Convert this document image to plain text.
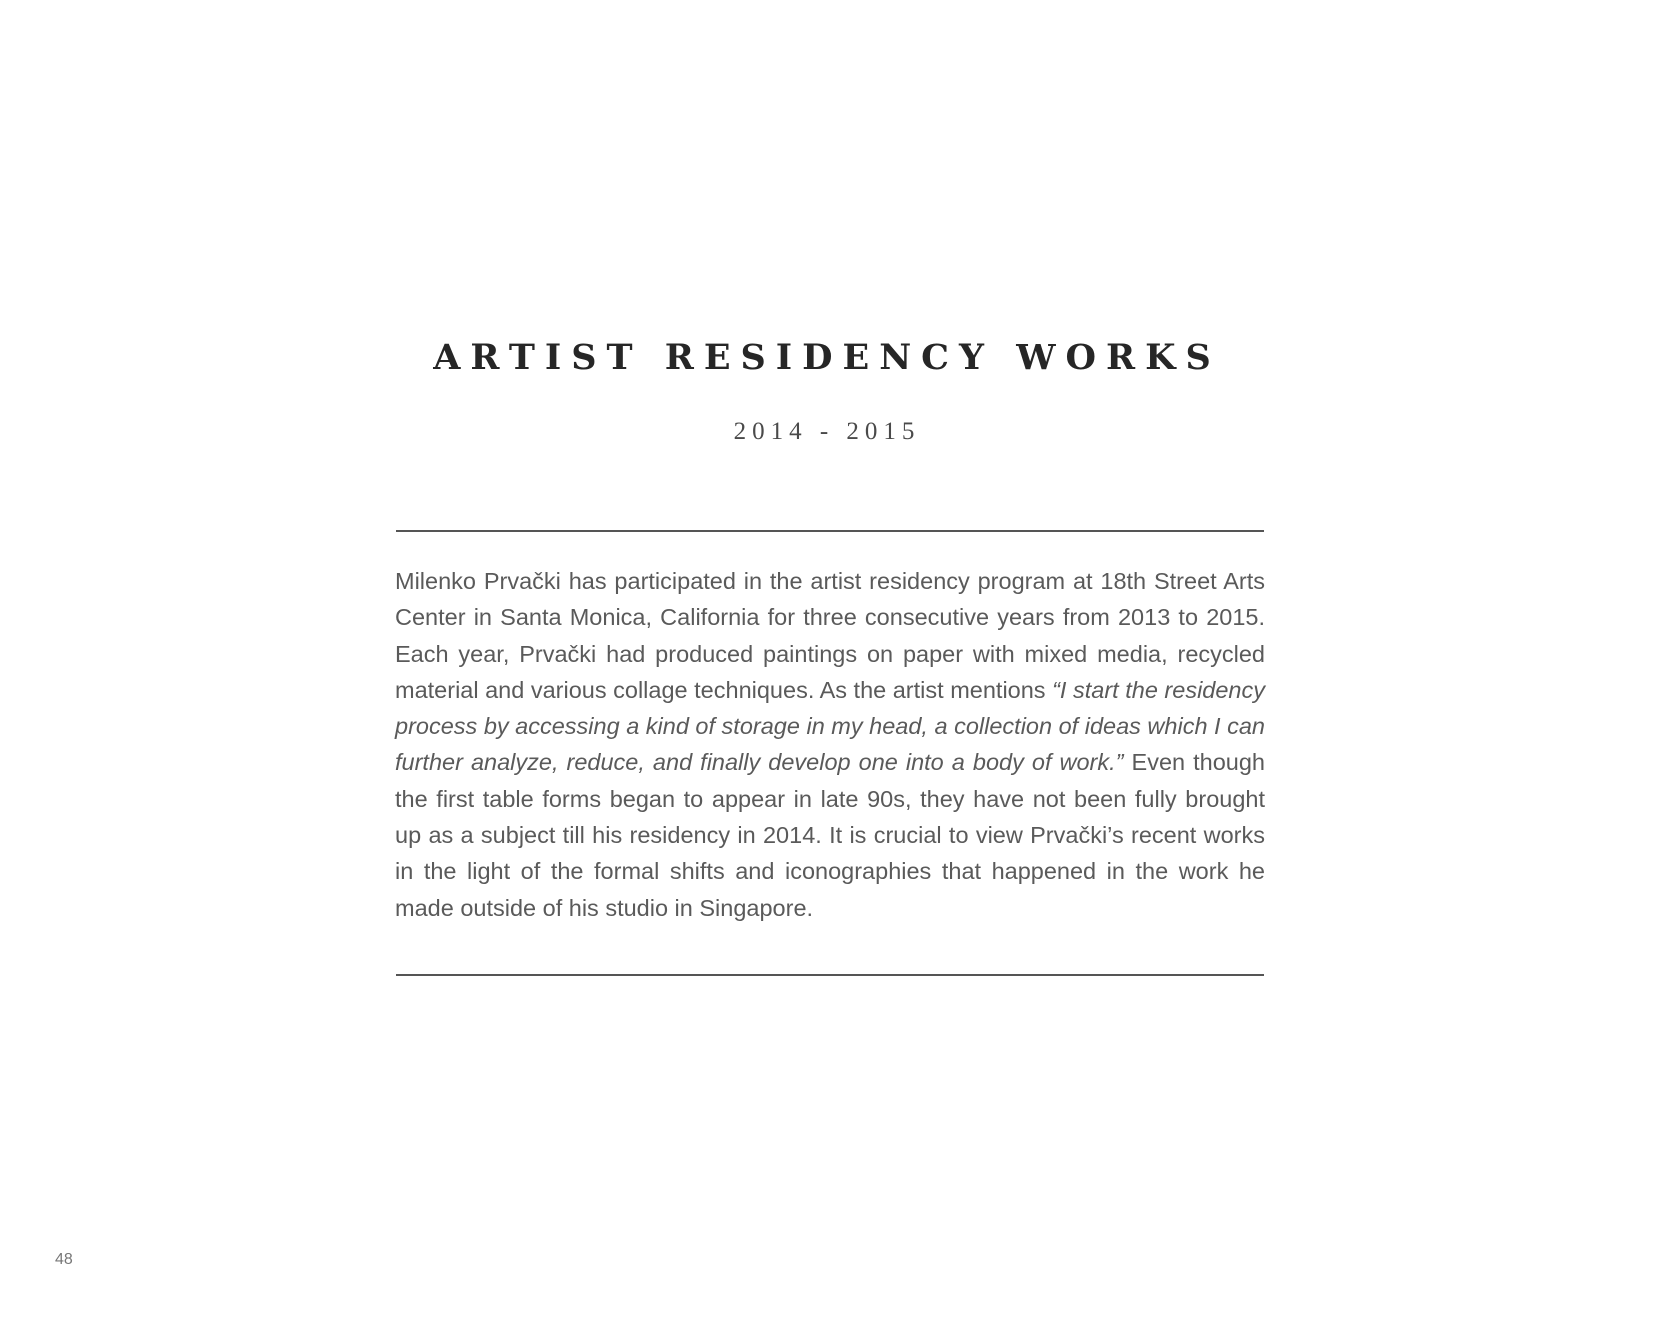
ARTIST RESIDENCY WORKS
2014 - 2015

Milenko Prvački has participated in the artist residency program at 18th Street Arts Center in Santa Monica, California for three consecutive years from 2013 to 2015. Each year, Prvački had produced paintings on paper with mixed media, recycled material and various collage techniques. As the artist mentions “I start the residency process by accessing a kind of storage in my head, a collection of ideas which I can further analyze, reduce, and finally develop one into a body of work.” Even though the first table forms began to appear in late 90s, they have not been fully brought up as a subject till his residency in 2014. It is crucial to view Prvački’s recent works in the light of the formal shifts and iconographies that happened in the work he made outside of his studio in Singapore.

48
